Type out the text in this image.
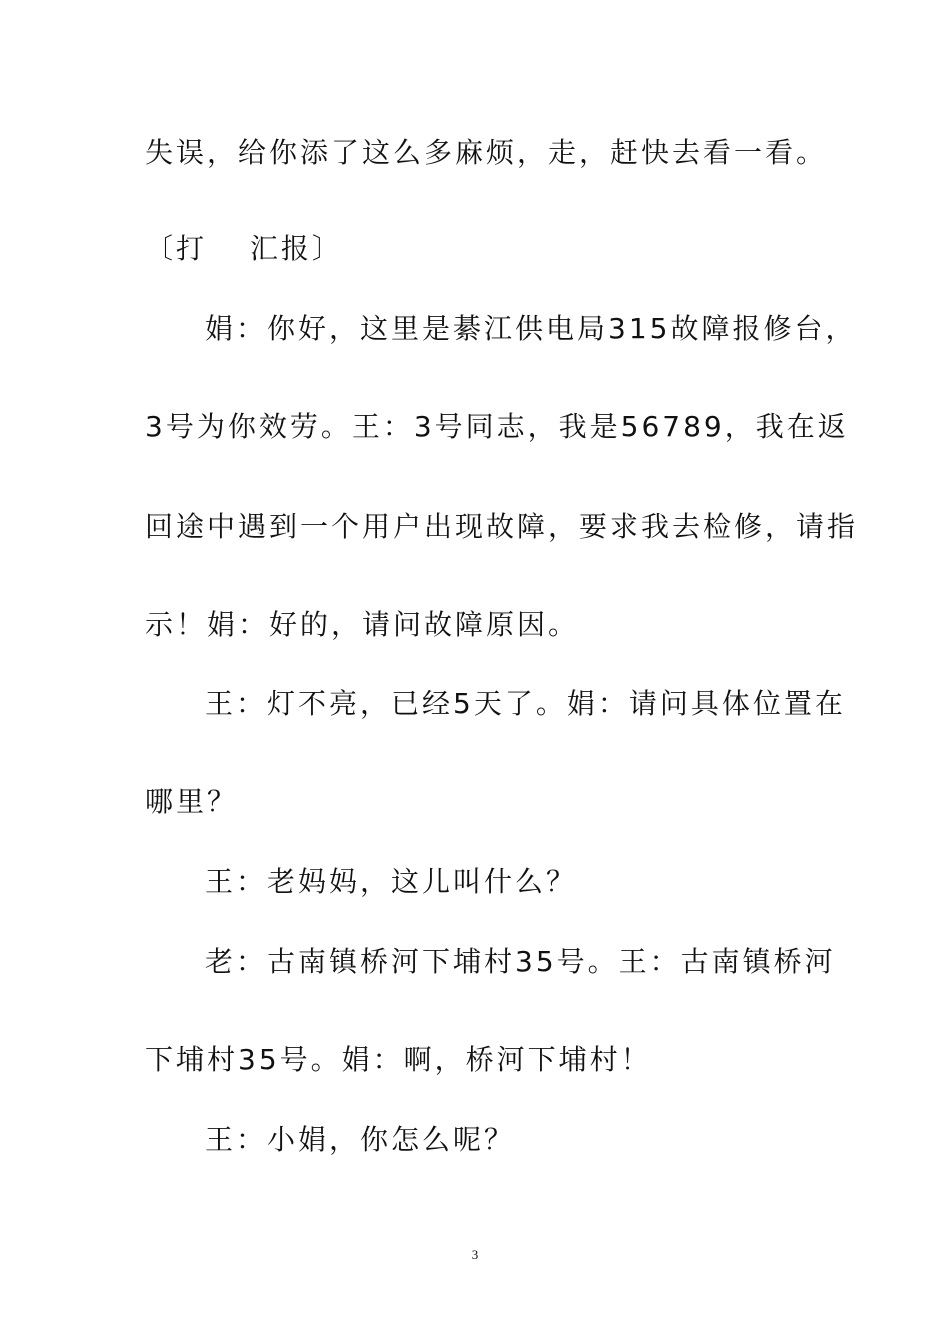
失误，给你添了这么多麻烦，走，赶快去看一看。
〔打　 汇报〕
娟：你好，这里是綦江供电局315故障报修台，
3号为你效劳。王：3号同志，我是56789，我在返
回途中遇到一个用户出现故障，要求我去检修，请指
示！娟：好的，请问故障原因。
王：灯不亮，已经5天了。娟：请问具体位置在
哪里？
王：老妈妈，这儿叫什么？
老：古南镇桥河下埔村35号。王：古南镇桥河
下埔村35号。娟：啊，桥河下埔村！
王：小娟，你怎么呢？
3
